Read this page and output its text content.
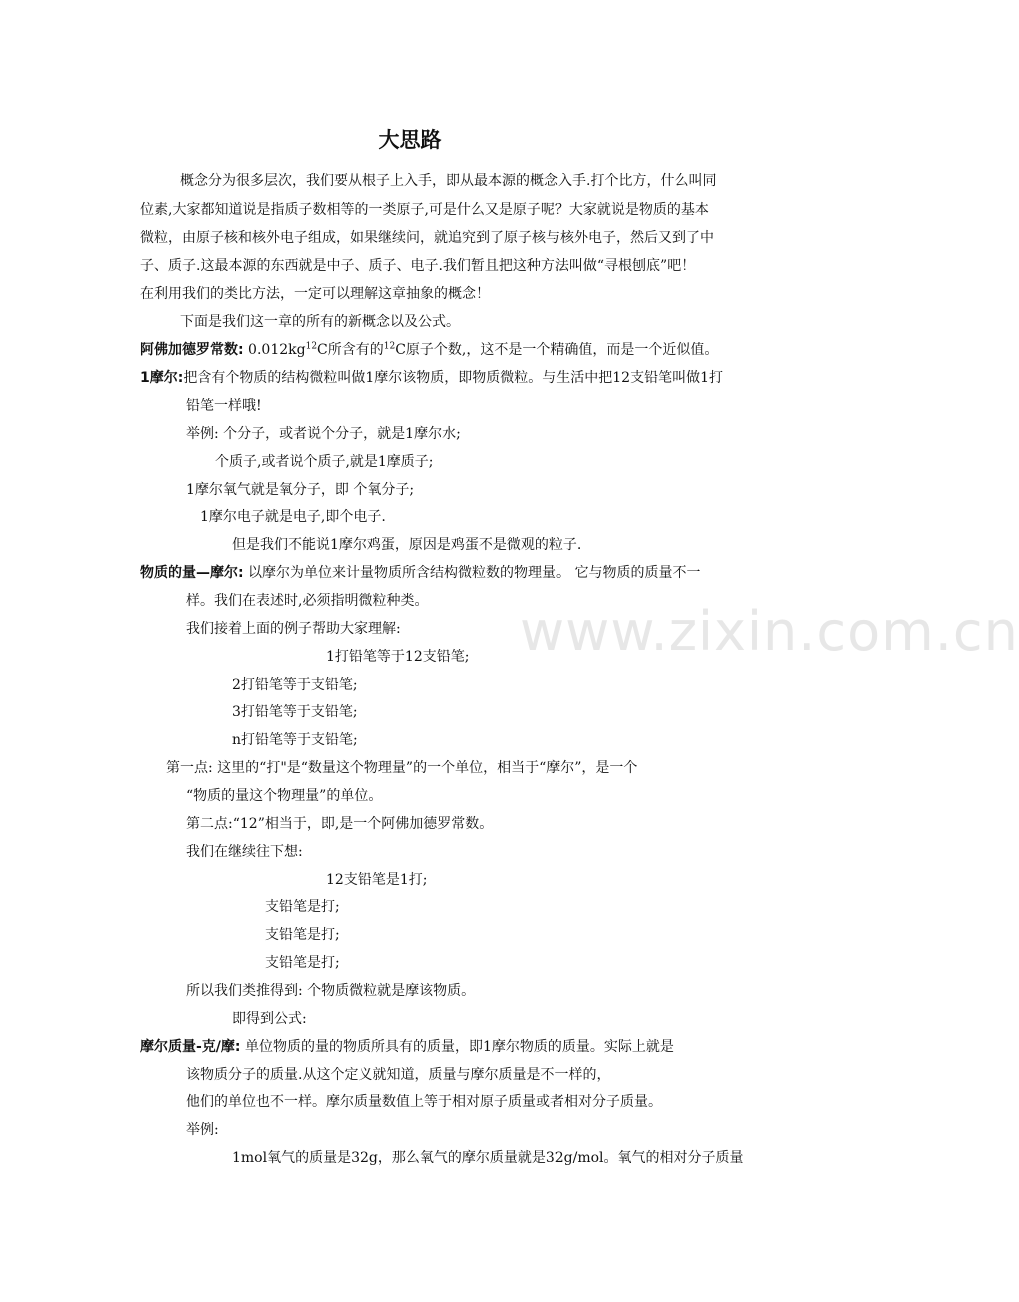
www.zixin.com.cn
大思路
概念分为很多层次，我们要从根子上入手，即从最本源的概念入手.打个比方，什么叫同
位素,大家都知道说是指质子数相等的一类原子,可是什么又是原子呢？大家就说是物质的基本
微粒，由原子核和核外电子组成，如果继续问，就追究到了原子核与核外电子，然后又到了中
子、质子.这最本源的东西就是中子、质子、电子.我们暂且把这种方法叫做“寻根刨底”吧！
在利用我们的类比方法，一定可以理解这章抽象的概念！
下面是我们这一章的所有的新概念以及公式。
阿佛加德罗常数: $0.012kg^{12}C$所含有的$^{12}$C原子个数,，这不是一个精确值，而是一个近似值。
1摩尔:把含有个物质的结构微粒叫做1摩尔该物质，即物质微粒。与生活中把12支铅笔叫做1打
铅笔一样哦!
举例: 个分子，或者说个分子，就是1摩尔水;
个质子,或者说个质子,就是1摩质子;
1摩尔氧气就是氧分子，即 个氧分子;
1摩尔电子就是电子,即个电子.
但是我们不能说1摩尔鸡蛋，原因是鸡蛋不是微观的粒子.
物质的量—摩尔: 以摩尔为单位来计量物质所含结构微粒数的物理量。 它与物质的质量不一
样。我们在表述时,必须指明微粒种类。
我们接着上面的例子帮助大家理解:
1打铅笔等于12支铅笔;
2打铅笔等于支铅笔;
3打铅笔等于支铅笔;
n打铅笔等于支铅笔;
第一点: 这里的“打"是“数量这个物理量”的一个单位，相当于“摩尔”，是一个
“物质的量这个物理量”的单位。
第二点:“12”相当于，即,是一个阿佛加德罗常数。
我们在继续往下想:
12支铅笔是1打;
支铅笔是打;
支铅笔是打;
支铅笔是打;
所以我们类推得到: 个物质微粒就是摩该物质。
即得到公式:
摩尔质量-克/摩: 单位物质的量的物质所具有的质量，即1摩尔物质的质量。实际上就是
该物质分子的质量.从这个定义就知道，质量与摩尔质量是不一样的，
他们的单位也不一样。摩尔质量数值上等于相对原子质量或者相对分子质量。
举例:
1mol氧气的质量是32g，那么氧气的摩尔质量就是32g/mol。氧气的相对分子质量
